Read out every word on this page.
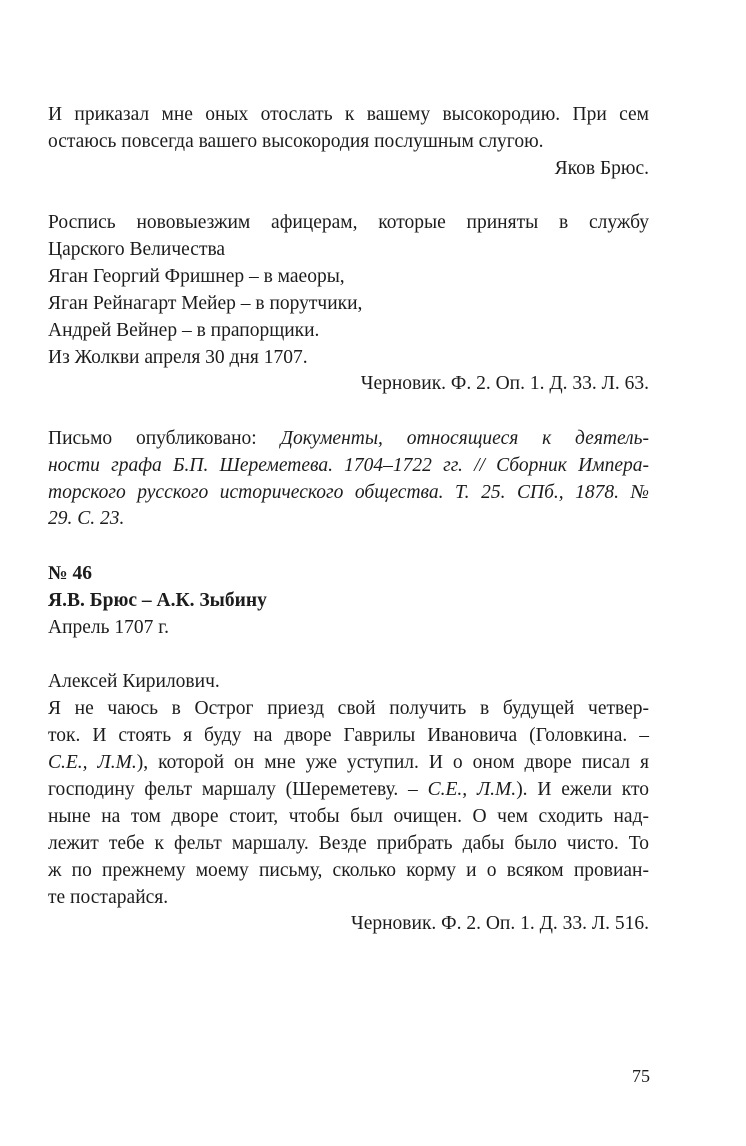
И приказал мне оных отослать к вашему высокородию. При сем
остаюсь повсегда вашего высокородия послушным слугою.
Яков Брюс.
Роспись нововыезжим афицерам, которые приняты в службу
Царского Величества
Яган Георгий Фришнер – в маеоры,
Яган Рейнагарт Мейер – в порутчики,
Андрей Вейнер – в прапорщики.
Из Жолкви апреля 30 дня 1707.
Черновик. Ф. 2. Оп. 1. Д. 33. Л. 63.
Письмо опубликовано: Документы, относящиеся к деятель-
ности графа Б.П. Шереметева. 1704–1722 гг. // Сборник Импера-
торского русского исторического общества. Т. 25. СПб., 1878. №
29. С. 23.
№ 46
Я.В. Брюс – А.К. Зыбину
Апрель 1707 г.
Алексей Кирилович.
Я не чаюсь в Острог приезд свой получить в будущей четвер-
ток. И стоять я буду на дворе Гаврилы Ивановича (Головкина. –
С.Е., Л.М.), которой он мне уже уступил. И о оном дворе писал я
господину фельт маршалу (Шереметеву. – С.Е., Л.М.). И ежели кто
ныне на том дворе стоит, чтобы был очищен. О чем сходить над-
лежит тебе к фельт маршалу. Везде прибрать дабы было чисто. То
ж по прежнему моему письму, сколько корму и о всяком провиан-
те постарайся.
Черновик. Ф. 2. Оп. 1. Д. 33. Л. 516.
75
